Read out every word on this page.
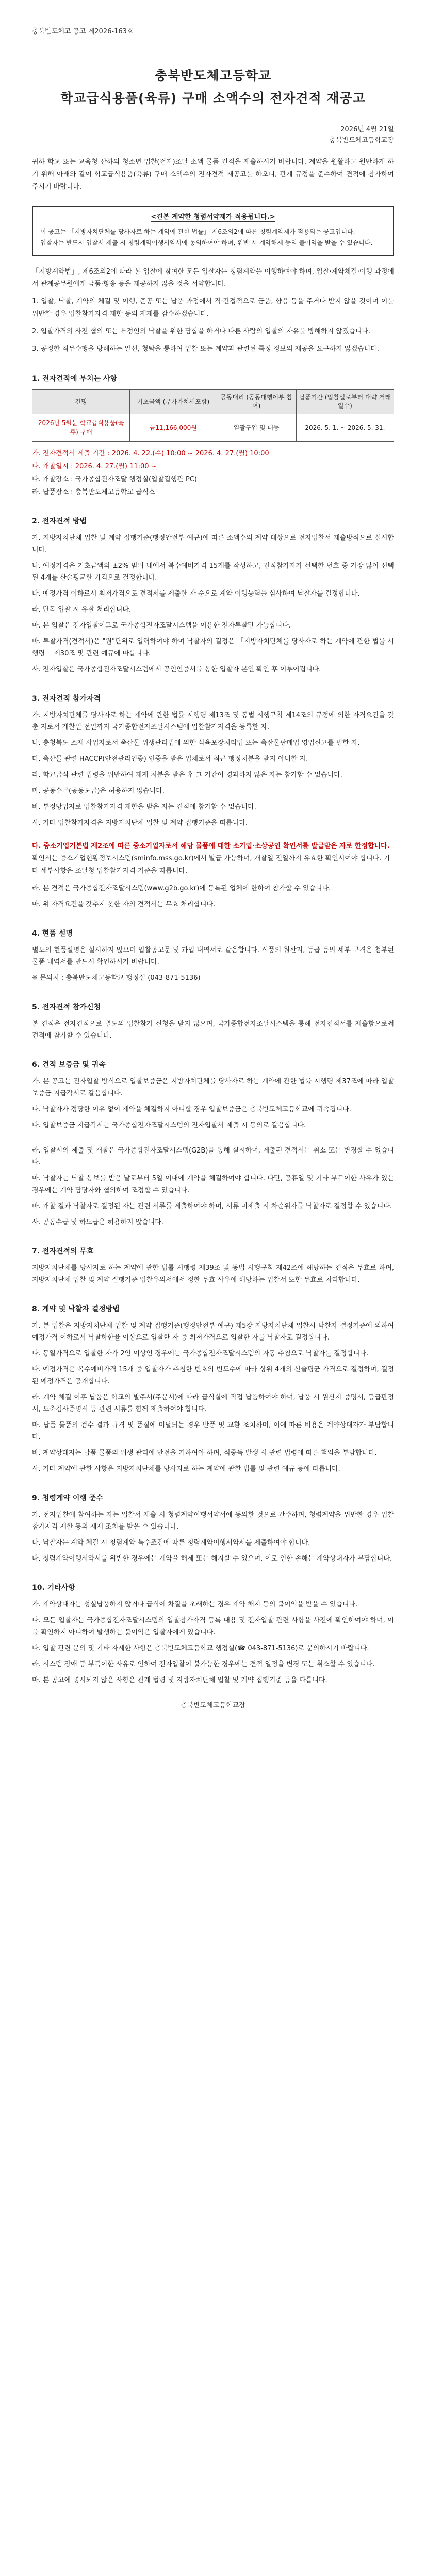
충북반도체고 공고 제2026-163호
충북반도체고등학교
학교급식용품(육류) 구매 소액수의 전자견적 재공고
2026년 4월 21일
충북반도체고등학교장
귀하 학교 또는 교육청 산하의 청소년 입찰(전자)조달 소액 물품 견적을 제출하시기 바랍니다. 계약을 원활하고 원만하게 하기 위해 아래와 같이 학교급식용품(육류) 구매 소액수의 전자견적 재공고를 하오니, 관계 규정을 준수하여 견적에 참가하여 주시기 바랍니다.
<견본 계약한 청렴서약제가 적용됩니다.>
이 공고는 「지방자치단체를 당사자로 하는 계약에 관한 법률」 제6조의2에 따른 청렴계약제가 적용되는 공고입니다.
입찰자는 반드시 입찰서 제출 시 청렴계약이행서약서에 동의하여야 하며, 위반 시 계약해제 등의 불이익을 받을 수 있습니다.

「지방계약법」, 제6조의2에 따라 본 입찰에 참여한 모든 입찰자는 청렴계약을 이행하여야 하며, 입찰·계약체결·이행 과정에서 관계공무원에게 금품·향응 등을 제공하지 않을 것을 서약합니다.

1. 입찰, 낙찰, 계약의 체결 및 이행, 준공 또는 납품 과정에서 직·간접적으로 금품, 향응 등을 주거나 받지 않을 것이며 이를 위반한 경우 입찰참가자격 제한 등의 제재를 감수하겠습니다.

2. 입찰가격의 사전 협의 또는 특정인의 낙찰을 위한 담합을 하거나 다른 사람의 입찰의 자유를 방해하지 않겠습니다.

3. 공정한 직무수행을 방해하는 알선, 청탁을 통하여 입찰 또는 계약과 관련된 특정 정보의 제공을 요구하지 않겠습니다.

1. 전자견적에 부치는 사항
건명	기초금액 (부가가치세포함)	공동대리 (공동대행여부 참여)	납품기간 (입찰일로부터 대략 거래일수)
2026년 5월분 학교급식용품(육류) 구매	금11,166,000원	일괄구입 및 대등	2026. 5. 1. ~ 2026. 5. 31.
가. 전자견적서 제출 기간 : 2026. 4. 22.(수) 10:00 ~ 2026. 4. 27.(월) 10:00
나. 개찰일시 : 2026. 4. 27.(월) 11:00 ~
다. 개찰장소 : 국가종합전자조달 행정실(입찰집행관 PC)
라. 납품장소 : 충북반도체고등학교 급식소
2. 전자견적 방법

가. 지방자치단체 입찰 및 계약 집행기준(행정안전부 예규)에 따른 소액수의 계약 대상으로 전자입찰서 제출방식으로 실시합니다.

나. 예정가격은 기초금액의 ±2% 범위 내에서 복수예비가격 15개를 작성하고, 견적참가자가 선택한 번호 중 가장 많이 선택된 4개를 산술평균한 가격으로 결정합니다.

다. 예정가격 이하로서 최저가격으로 견적서를 제출한 자 순으로 계약 이행능력을 심사하여 낙찰자를 결정합니다.

라. 단독 입찰 시 유찰 처리합니다.

마. 본 입찰은 전자입찰이므로 국가종합전자조달시스템을 이용한 전자투찰만 가능합니다.

바. 투찰가격(견적서)은 "원"단위로 입력하여야 하며 낙찰자의 결정은 「지방자치단체를 당사자로 하는 계약에 관한 법률 시행령」 제30조 및 관련 예규에 따릅니다.

사. 전자입찰은 국가종합전자조달시스템에서 공인인증서를 통한 입찰자 본인 확인 후 이루어집니다.

3. 전자견적 참가자격

가. 지방자치단체를 당사자로 하는 계약에 관한 법률 시행령 제13조 및 동법 시행규칙 제14조의 규정에 의한 자격요건을 갖춘 자로서 개찰일 전일까지 국가종합전자조달시스템에 입찰참가자격을 등록한 자.

나. 충청북도 소재 사업자로서 축산물 위생관리법에 의한 식육포장처리업 또는 축산물판매업 영업신고를 필한 자.

다. 축산물 관련 HACCP(안전관리인증) 인증을 받은 업체로서 최근 행정처분을 받지 아니한 자.

라. 학교급식 관련 법령을 위반하여 제재 처분을 받은 후 그 기간이 경과하지 않은 자는 참가할 수 없습니다.

마. 공동수급(공동도급)은 허용하지 않습니다.

바. 부정당업자로 입찰참가자격 제한을 받은 자는 견적에 참가할 수 없습니다.

사. 기타 입찰참가자격은 지방자치단체 입찰 및 계약 집행기준을 따릅니다.

다. 중소기업기본법 제2조에 따른 중소기업자로서 해당 물품에 대한 소기업·소상공인 확인서를 발급받은 자로 한정합니다.
확인서는 중소기업현황정보시스템(sminfo.mss.go.kr)에서 발급 가능하며, 개찰일 전일까지 유효한 확인서여야 합니다. 기타 세부사항은 조달청 입찰참가자격 기준을 따릅니다.

라. 본 견적은 국가종합전자조달시스템(www.g2b.go.kr)에 등록된 업체에 한하여 참가할 수 있습니다.

마. 위 자격요건을 갖추지 못한 자의 견적서는 무효 처리합니다.

4. 현품 설명

별도의 현품설명은 실시하지 않으며 입찰공고문 및 과업 내역서로 갈음합니다. 식품의 원산지, 등급 등의 세부 규격은 첨부된 물품 내역서를 반드시 확인하시기 바랍니다.

※ 문의처 : 충북반도체고등학교 행정실 (043-871-5136)

5. 전자견적 참가신청

본 견적은 전자견적으로 별도의 입찰참가 신청을 받지 않으며, 국가종합전자조달시스템을 통해 전자견적서를 제출함으로써 견적에 참가할 수 있습니다.

6. 견적 보증금 및 귀속

가. 본 공고는 전자입찰 방식으로 입찰보증금은 지방자치단체를 당사자로 하는 계약에 관한 법률 시행령 제37조에 따라 입찰보증금 지급각서로 갈음합니다.

나. 낙찰자가 정당한 이유 없이 계약을 체결하지 아니할 경우 입찰보증금은 충북반도체고등학교에 귀속됩니다.

다. 입찰보증금 지급각서는 국가종합전자조달시스템의 전자입찰서 제출 시 동의로 갈음합니다.

라. 입찰서의 제출 및 개찰은 국가종합전자조달시스템(G2B)을 통해 실시하며, 제출된 견적서는 취소 또는 변경할 수 없습니다.

마. 낙찰자는 낙찰 통보를 받은 날로부터 5일 이내에 계약을 체결하여야 합니다. 다만, 공휴일 및 기타 부득이한 사유가 있는 경우에는 계약 담당자와 협의하여 조정할 수 있습니다.

바. 개찰 결과 낙찰자로 결정된 자는 관련 서류를 제출하여야 하며, 서류 미제출 시 차순위자를 낙찰자로 결정할 수 있습니다.

사. 공동수급 및 하도급은 허용하지 않습니다.

7. 전자견적의 무효

지방자치단체를 당사자로 하는 계약에 관한 법률 시행령 제39조 및 동법 시행규칙 제42조에 해당하는 견적은 무효로 하며, 지방자치단체 입찰 및 계약 집행기준 입찰유의서에서 정한 무효 사유에 해당하는 입찰서 또한 무효로 처리합니다.

8. 계약 및 낙찰자 결정방법

가. 본 입찰은 지방자치단체 입찰 및 계약 집행기준(행정안전부 예규) 제5장 지방자치단체 입찰시 낙찰자 결정기준에 의하여 예정가격 이하로서 낙찰하한율 이상으로 입찰한 자 중 최저가격으로 입찰한 자를 낙찰자로 결정합니다.

나. 동일가격으로 입찰한 자가 2인 이상인 경우에는 국가종합전자조달시스템의 자동 추첨으로 낙찰자를 결정합니다.

다. 예정가격은 복수예비가격 15개 중 입찰자가 추첨한 번호의 빈도수에 따라 상위 4개의 산술평균 가격으로 결정하며, 결정된 예정가격은 공개합니다.

라. 계약 체결 이후 납품은 학교의 발주서(주문서)에 따라 급식실에 직접 납품하여야 하며, 납품 시 원산지 증명서, 등급판정서, 도축검사증명서 등 관련 서류를 함께 제출하여야 합니다.

마. 납품 물품의 검수 결과 규격 및 품질에 미달되는 경우 반품 및 교환 조치하며, 이에 따른 비용은 계약상대자가 부담합니다.

바. 계약상대자는 납품 물품의 위생 관리에 만전을 기하여야 하며, 식중독 발생 시 관련 법령에 따른 책임을 부담합니다.

사. 기타 계약에 관한 사항은 지방자치단체를 당사자로 하는 계약에 관한 법률 및 관련 예규 등에 따릅니다.

9. 청렴계약 이행 준수

가. 전자입찰에 참여하는 자는 입찰서 제출 시 청렴계약이행서약서에 동의한 것으로 간주하며, 청렴계약을 위반한 경우 입찰참가자격 제한 등의 제재 조치를 받을 수 있습니다.

나. 낙찰자는 계약 체결 시 청렴계약 특수조건에 따른 청렴계약이행서약서를 제출하여야 합니다.

다. 청렴계약이행서약서를 위반한 경우에는 계약을 해제 또는 해지할 수 있으며, 이로 인한 손해는 계약상대자가 부담합니다.

10. 기타사항

가. 계약상대자는 성실납품하지 않거나 급식에 차질을 초래하는 경우 계약 해지 등의 불이익을 받을 수 있습니다.

나. 모든 입찰자는 국가종합전자조달시스템의 입찰참가자격 등록 내용 및 전자입찰 관련 사항을 사전에 확인하여야 하며, 이를 확인하지 아니하여 발생하는 불이익은 입찰자에게 있습니다.

다. 입찰 관련 문의 및 기타 자세한 사항은 충북반도체고등학교 행정실(☎ 043-871-5136)로 문의하시기 바랍니다.

라. 시스템 장애 등 부득이한 사유로 인하여 전자입찰이 불가능한 경우에는 견적 일정을 변경 또는 취소할 수 있습니다.

마. 본 공고에 명시되지 않은 사항은 관계 법령 및 지방자치단체 입찰 및 계약 집행기준 등을 따릅니다.

충북반도체고등학교장
